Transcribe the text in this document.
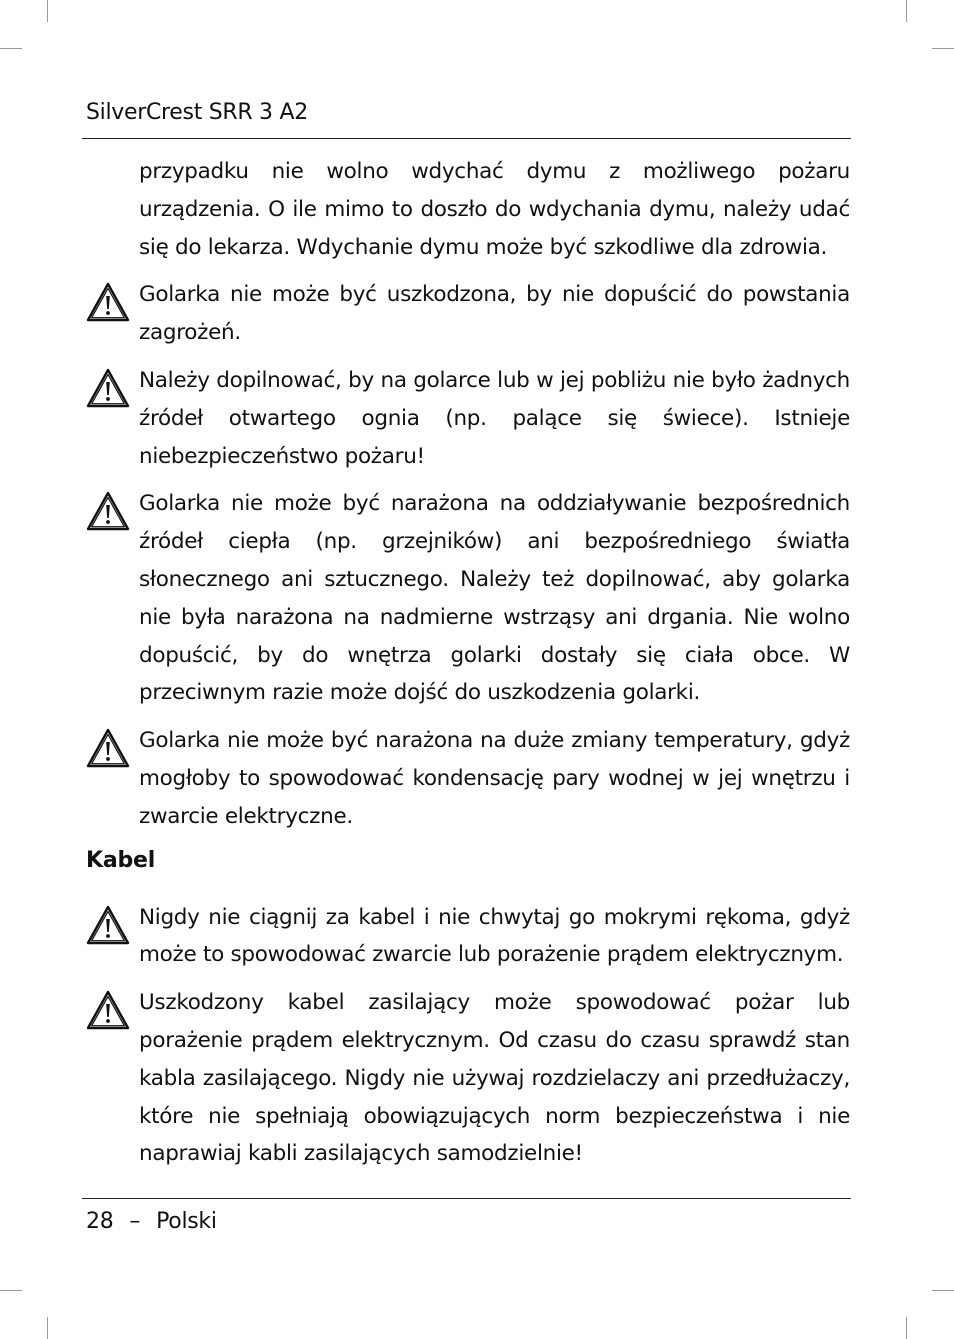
SilverCrest SRR 3 A2
przypadku nie wolno wdychać dymu z możliwego pożaru urządzenia. O ile mimo to doszło do wdychania dymu, należy udać się do lekarza. Wdychanie dymu może być szkodliwe dla zdrowia.
Golarka nie może być uszkodzona, by nie dopuścić do powstania zagrożeń.
Należy dopilnować, by na golarce lub w jej pobliżu nie było żadnych źródeł otwartego ognia (np. palące się świece). Istnieje niebezpieczeństwo pożaru!
Golarka nie może być narażona na oddziaływanie bezpośrednich źródeł ciepła (np. grzejników) ani bezpośredniego światła słonecznego ani sztucznego. Należy też dopilnować, aby golarka nie była narażona na nadmierne wstrząsy ani drgania. Nie wolno dopuścić, by do wnętrza golarki dostały się ciała obce. W przeciwnym razie może dojść do uszkodzenia golarki.
Golarka nie może być narażona na duże zmiany temperatury, gdyż mogłoby to spowodować kondensację pary wodnej w jej wnętrzu i zwarcie elektryczne.
Kabel
Nigdy nie ciągnij za kabel i nie chwytaj go mokrymi rękoma, gdyż może to spowodować zwarcie lub porażenie prądem elektrycznym.
Uszkodzony kabel zasilający może spowodować pożar lub porażenie prądem elektrycznym. Od czasu do czasu sprawdź stan kabla zasilającego. Nigdy nie używaj rozdzielaczy ani przedłużaczy, które nie spełniają obowiązujących norm bezpieczeństwa i nie naprawiaj kabli zasilających samodzielnie!
28 – Polski
